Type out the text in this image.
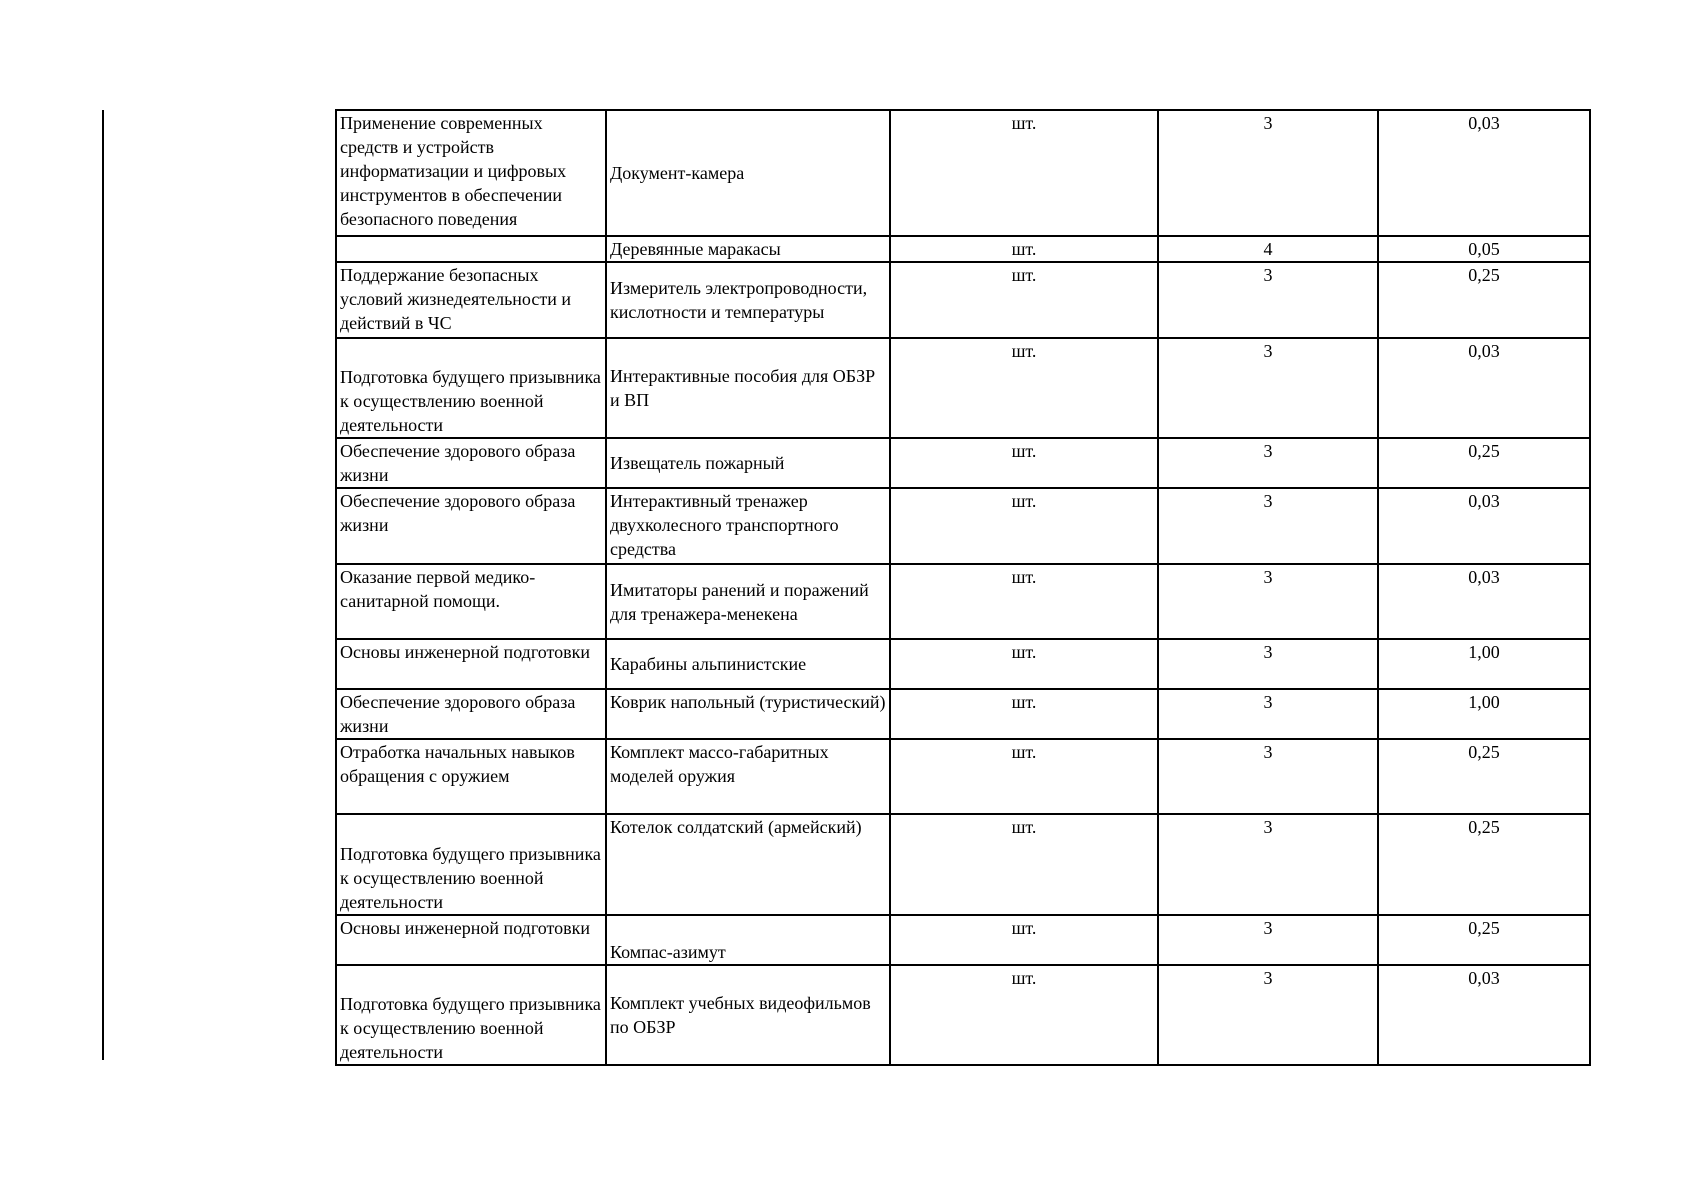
Применение современных средств и устройств информатизации и цифровых инструментов в обеспечении безопасного поведения	Документ-камера	шт.	3	0,03
	Деревянные маракасы	шт.	4	0,05
Поддержание безопасных условий жизнедеятельности и действий в ЧС	Измеритель электропроводности, кислотности и температуры	шт.	3	0,25
Подготовка будущего призывника к осуществлению военной деятельности	Интерактивные пособия для ОБЗР и ВП	шт.	3	0,03
Обеспечение здорового образа жизни	Извещатель пожарный	шт.	3	0,25
Обеспечение здорового образа жизни	Интерактивный тренажер двухколесного транспортного средства	шт.	3	0,03
Оказание первой медико-санитарной помощи.	Имитаторы ранений и поражений для тренажера-менекена	шт.	3	0,03
Основы инженерной подготовки	Карабины альпинистские	шт.	3	1,00
Обеспечение здорового образа жизни	Коврик напольный (туристический)	шт.	3	1,00
Отработка начальных навыков обращения с оружием	Комплект массо-габаритных моделей оружия	шт.	3	0,25
Подготовка будущего призывника к осуществлению военной деятельности	Котелок солдатский (армейский)	шт.	3	0,25
Основы инженерной подготовки	Компас-азимут	шт.	3	0,25
Подготовка будущего призывника к осуществлению военной деятельности	Комплект учебных видеофильмов по ОБЗР	шт.	3	0,03
